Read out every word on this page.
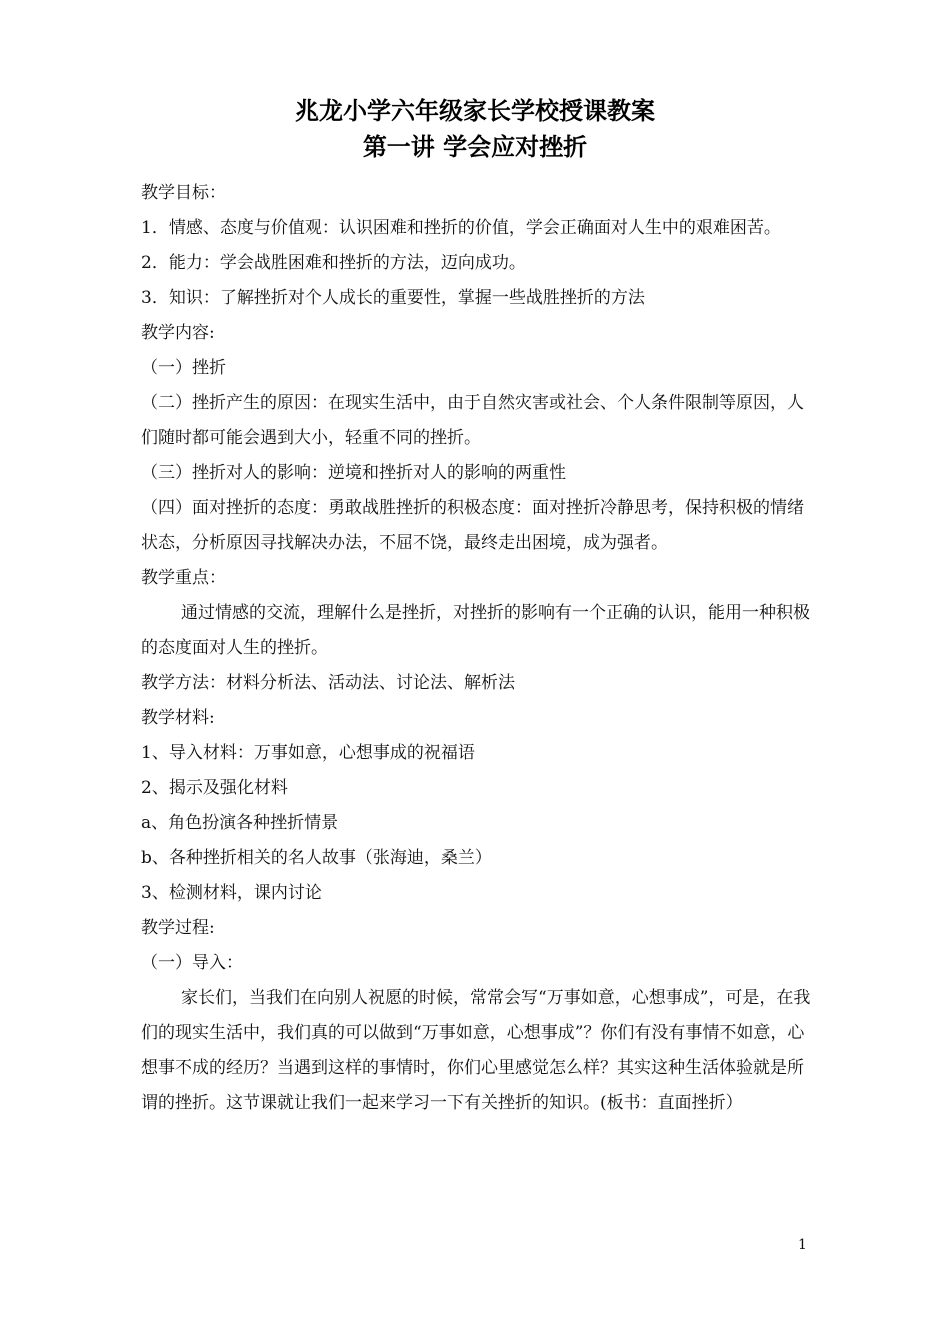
兆龙小学六年级家长学校授课教案
第一讲 学会应对挫折

教学目标：

1．情感、态度与价值观：认识困难和挫折的价值，学会正确面对人生中的艰难困苦。

2．能力：学会战胜困难和挫折的方法，迈向成功。

3．知识：了解挫折对个人成长的重要性，掌握一些战胜挫折的方法

教学内容:

（一）挫折

（二）挫折产生的原因：在现实生活中，由于自然灾害或社会、个人条件限制等原因，人们随时都可能会遇到大小，轻重不同的挫折。

（三）挫折对人的影响：逆境和挫折对人的影响的两重性

（四）面对挫折的态度：勇敢战胜挫折的积极态度：面对挫折冷静思考，保持积极的情绪状态，分析原因寻找解决办法，不屈不饶，最终走出困境，成为强者。

教学重点：

通过情感的交流，理解什么是挫折，对挫折的影响有一个正确的认识，能用一种积极的态度面对人生的挫折。

教学方法：材料分析法、活动法、讨论法、解析法

教学材料:

1、导入材料：万事如意，心想事成的祝福语

2、揭示及强化材料

a、角色扮演各种挫折情景

b、各种挫折相关的名人故事（张海迪，桑兰）

3、检测材料，课内讨论

教学过程:

（一）导入：

家长们，当我们在向别人祝愿的时候，常常会写“万事如意，心想事成”，可是，在我们的现实生活中，我们真的可以做到“万事如意，心想事成”？你们有没有事情不如意，心想事不成的经历？当遇到这样的事情时，你们心里感觉怎么样？其实这种生活体验就是所谓的挫折。这节课就让我们一起来学习一下有关挫折的知识。(板书：直面挫折）

1
